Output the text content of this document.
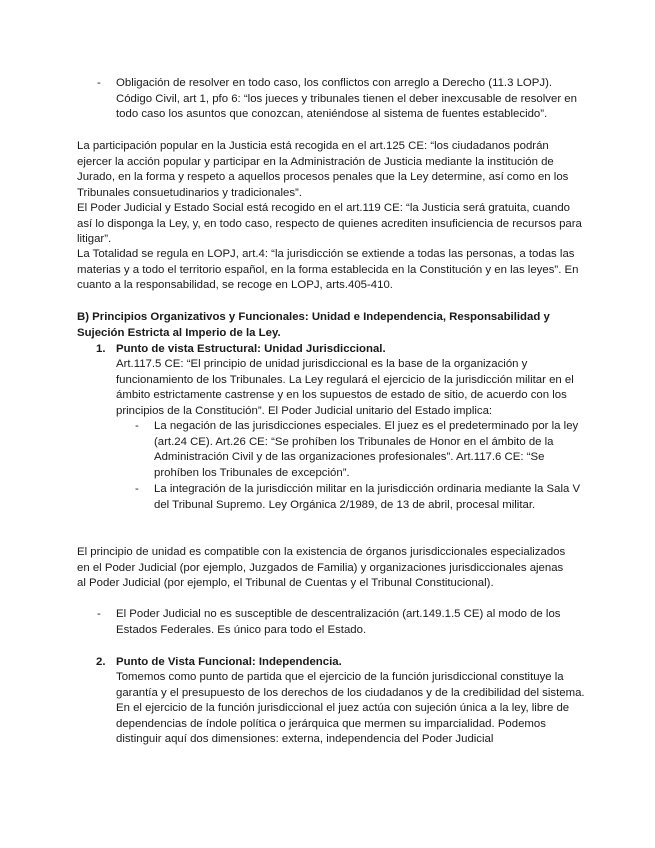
- Obligación de resolver en todo caso, los conflictos con arreglo a Derecho (11.3 LOPJ). Código Civil, art 1, pfo 6: “los jueces y tribunales tienen el deber inexcusable de resolver en todo caso los asuntos que conozcan, ateniéndose al sistema de fuentes establecido”.

La participación popular en la Justicia está recogida en el art.125 CE: “los ciudadanos podrán ejercer la acción popular y participar en la Administración de Justicia mediante la institución de Jurado, en la forma y respeto a aquellos procesos penales que la Ley determine, así como en los Tribunales consuetudinarios y tradicionales”.

El Poder Judicial y Estado Social está recogido en el art.119 CE: “la Justicia será gratuita, cuando así lo disponga la Ley, y, en todo caso, respecto de quienes acrediten insuficiencia de recursos para litigar”.

La Totalidad se regula en LOPJ, art.4: “la jurisdicción se extiende a todas las personas, a todas las materias y a todo el territorio español, en la forma establecida en la Constitución y en las leyes”. En cuanto a la responsabilidad, se recoge en LOPJ, arts.405-410.

B) Principios Organizativos y Funcionales: Unidad e Independencia, Responsabilidad y Sujeción Estricta al Imperio de la Ley.

1. Punto de vista Estructural: Unidad Jurisdiccional.

Art.117.5 CE: “El principio de unidad jurisdiccional es la base de la organización y funcionamiento de los Tribunales. La Ley regulará el ejercicio de la jurisdicción militar en el ámbito estrictamente castrense y en los supuestos de estado de sitio, de acuerdo con los principios de la Constitución”. El Poder Judicial unitario del Estado implica:

- La negación de las jurisdicciones especiales. El juez es el predeterminado por la ley (art.24 CE). Art.26 CE: “Se prohíben los Tribunales de Honor en el ámbito de la Administración Civil y de las organizaciones profesionales”. Art.117.6 CE: “Se prohíben los Tribunales de excepción”.

- La integración de la jurisdicción militar en la jurisdicción ordinaria mediante la Sala V del Tribunal Supremo. Ley Orgánica 2/1989, de 13 de abril, procesal militar.

El principio de unidad es compatible con la existencia de órganos jurisdiccionales especializados en el Poder Judicial (por ejemplo, Juzgados de Familia) y organizaciones jurisdiccionales ajenas al Poder Judicial (por ejemplo, el Tribunal de Cuentas y el Tribunal Constitucional).

- El Poder Judicial no es susceptible de descentralización (art.149.1.5 CE) al modo de los Estados Federales. Es único para todo el Estado.

2. Punto de Vista Funcional: Independencia.

Tomemos como punto de partida que el ejercicio de la función jurisdiccional constituye la garantía y el presupuesto de los derechos de los ciudadanos y de la credibilidad del sistema. En el ejercicio de la función jurisdiccional el juez actúa con sujeción única a la ley, libre de dependencias de índole política o jerárquica que mermen su imparcialidad. Podemos distinguir aquí dos dimensiones: externa, independencia del Poder Judicial
